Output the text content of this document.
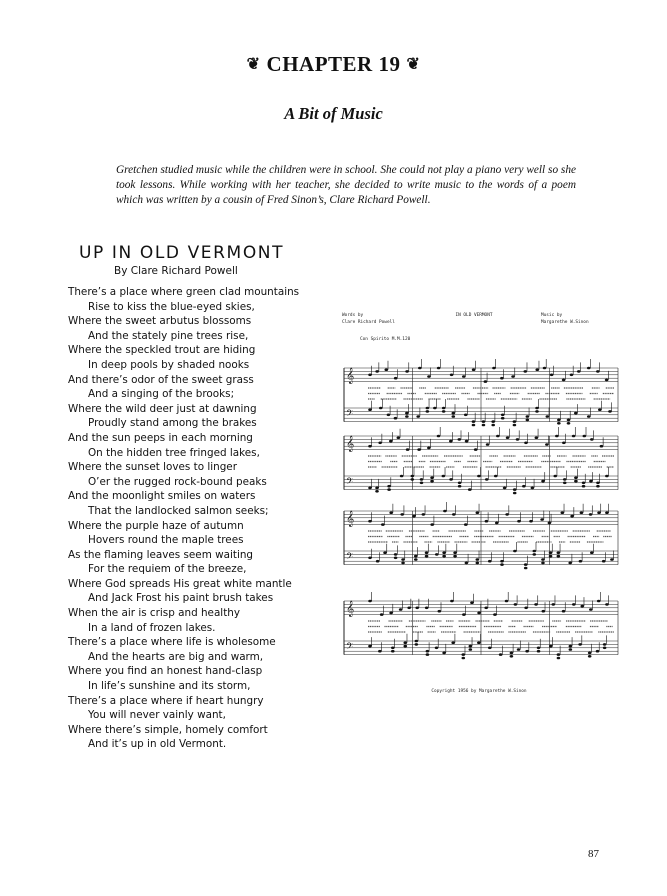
❦ CHAPTER 19 ❦
A Bit of Music
Gretchen studied music while the children were in school. She could not play a piano very well so she took lessons. While working with her teacher, she decided to write music to the words of a poem which was written by a cousin of Fred Sinon’s, Clare Richard Powell.
UP IN OLD VERMONT
By Clare Richard Powell
There’s a place where green clad mountains
Rise to kiss the blue-eyed skies,
Where the sweet arbutus blossoms
And the stately pine trees rise,
Where the speckled trout are hiding
In deep pools by shaded nooks
And there’s odor of the sweet grass
And a singing of the brooks;
Where the wild deer just at dawning
Proudly stand among the brakes
And the sun peeps in each morning
On the hidden tree fringed lakes,
Where the sunset loves to linger
O’er the rugged rock-bound peaks
And the moonlight smiles on waters
That the landlocked salmon seeks;
Where the purple haze of autumn
Hovers round the maple trees
As the flaming leaves seem waiting
For the requiem of the breeze,
Where God spreads His great white mantle
And Jack Frost his paint brush takes
When the air is crisp and healthy
In a land of frozen lakes.
There’s a place where life is wholesome
And the hearts are big and warm,
Where you find an honest hand-clasp
In life’s sunshine and its storm,
There’s a place where if heart hungry
You will never vainly want,
Where there’s simple, homely comfort
And it’s up in old Vermont.
Words by
Clare Richard Powell
IN OLD VERMONT	Music by
Margarethe W.Sinon
Con Spirito M.M.120
𝄞
𝄢
𝄞
𝄢
𝄞
𝄢
𝄞
𝄢
Copyright 1956 by Margarethe W.Sinon
87
